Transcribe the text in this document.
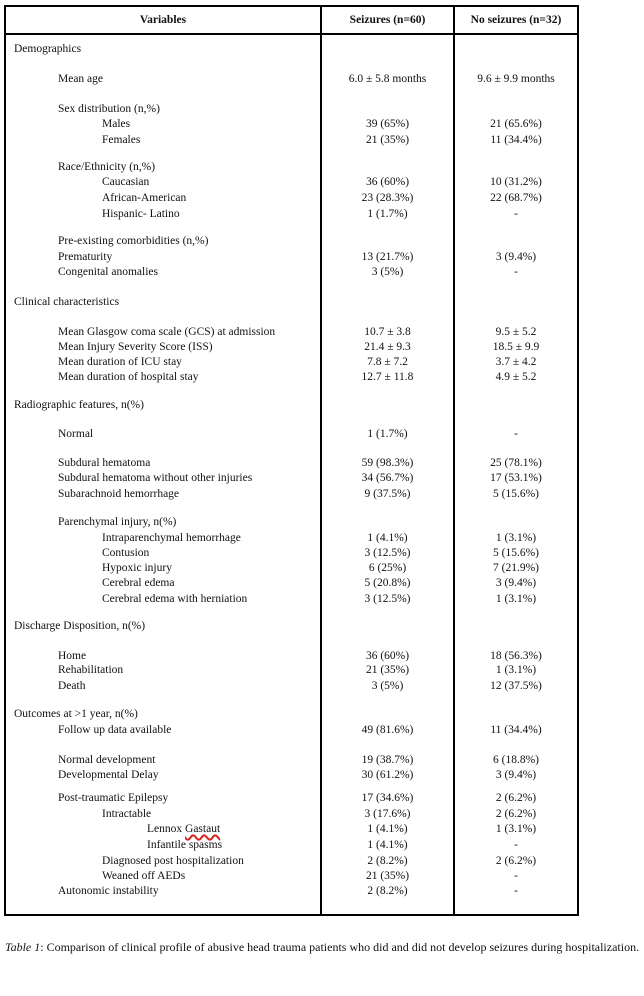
Variables	Seizures (n=60)	No seizures (n=32)
Demographics
Mean age	6.0 ± 5.8 months	9.6 ± 9.9 months
Sex distribution (n,%)
Males	39 (65%)	21 (65.6%)
Females	21 (35%)	11 (34.4%)
Race/Ethnicity (n,%)
Caucasian	36 (60%)	10 (31.2%)
African-American	23 (28.3%)	22 (68.7%)
Hispanic- Latino	1 (1.7%)	-
Pre-existing comorbidities (n,%)
Prematurity	13 (21.7%)	3 (9.4%)
Congenital anomalies	3 (5%)	-
Clinical characteristics
Mean Glasgow coma scale (GCS) at admission	10.7 ± 3.8	9.5 ± 5.2
Mean Injury Severity Score (ISS)	21.4 ± 9.3	18.5 ± 9.9
Mean duration of ICU stay	7.8 ± 7.2	3.7 ± 4.2
Mean duration of hospital stay	12.7 ± 11.8	4.9 ± 5.2
Radiographic features, n(%)
Normal	1 (1.7%)	-
Subdural hematoma	59 (98.3%)	25 (78.1%)
Subdural hematoma without other injuries	34 (56.7%)	17 (53.1%)
Subarachnoid hemorrhage	9 (37.5%)	5 (15.6%)
Parenchymal injury, n(%)
Intraparenchymal hemorrhage	1 (4.1%)	1 (3.1%)
Contusion	3 (12.5%)	5 (15.6%)
Hypoxic injury	6 (25%)	7 (21.9%)
Cerebral edema	5 (20.8%)	3 (9.4%)
Cerebral edema with herniation	3 (12.5%)	1 (3.1%)
Discharge Disposition, n(%)
Home	36 (60%)	18 (56.3%)
Rehabilitation	21 (35%)	1 (3.1%)
Death	3 (5%)	12 (37.5%)
Outcomes at >1 year, n(%)
Follow up data available	49 (81.6%)	11 (34.4%)
Normal development	19 (38.7%)	6 (18.8%)
Developmental Delay	30 (61.2%)	3 (9.4%)
Post-traumatic Epilepsy	17 (34.6%)	2 (6.2%)
Intractable	3 (17.6%)	2 (6.2%)
Lennox Gastaut	1 (4.1%)	1 (3.1%)
Infantile spasms	1 (4.1%)	-
Diagnosed post hospitalization	2 (8.2%)	2 (6.2%)
Weaned off AEDs	21 (35%)	-
Autonomic instability	2 (8.2%)	-
Table 1: Comparison of clinical profile of abusive head trauma patients who did and did not develop seizures during hospitalization.
